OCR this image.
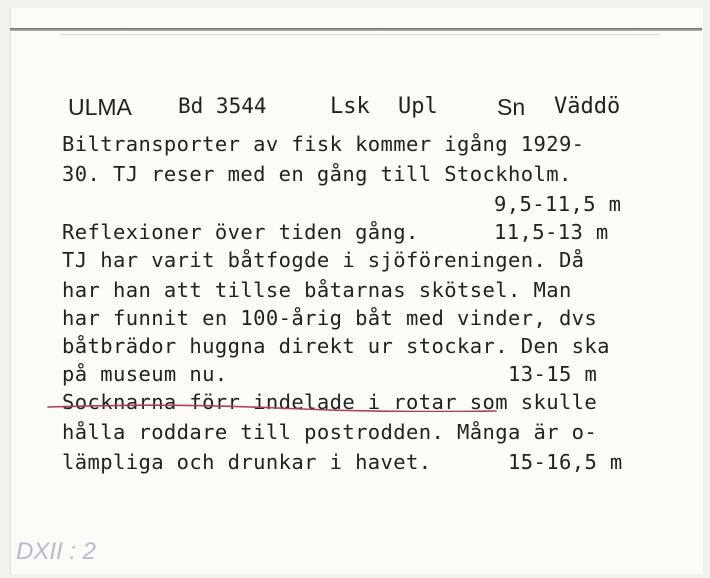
ULMA Bd 3544	Lsk Upl	Sn Väddö
Biltransporter av fisk kommer igång 1929-
30. TJ reser med en gång till Stockholm.
9,5-11,5 m
Reflexioner över tiden gång.	11,5-13 m
TJ har varit båtfogde i sjöföreningen. Då
har han att tillse båtarnas skötsel. Man
har funnit en 100-årig båt med vinder, dvs
båtbrädor huggna direkt ur stockar. Den ska
på museum nu.	13-15 m
Socknarna förr indelade i rotar som skulle
hålla roddare till postrodden. Många är o-
lämpliga och drunkar i havet.	15-16,5 m
DXII : 2
